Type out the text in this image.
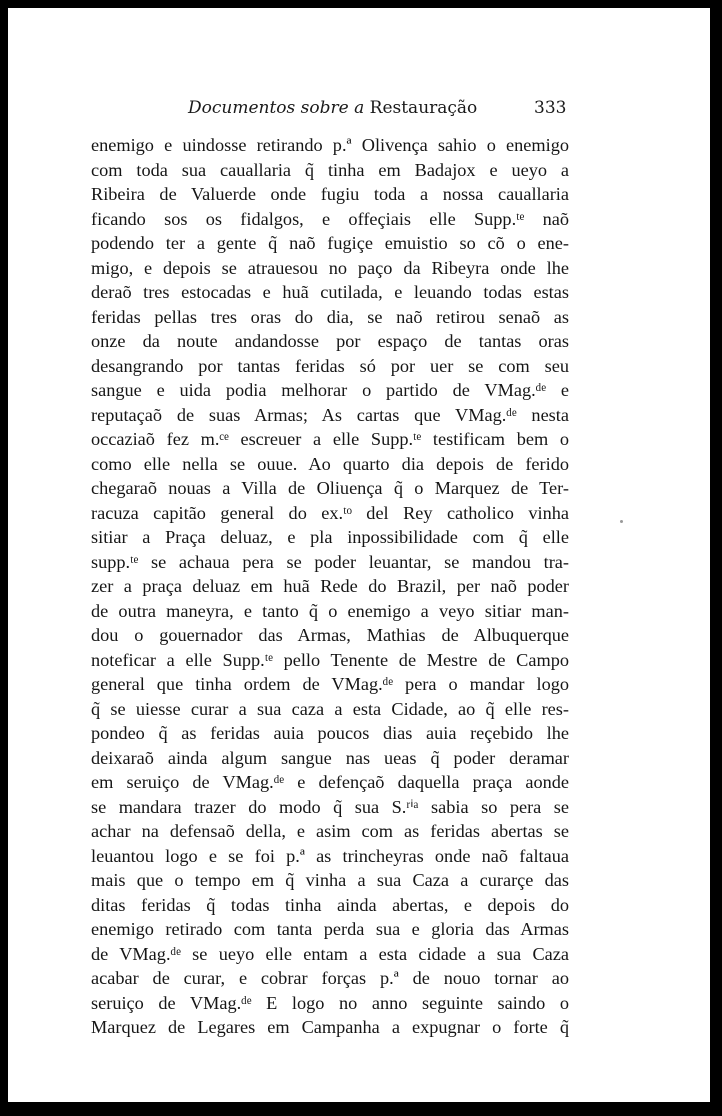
Documentos sobre a Restauração	333
enemigo e uindosse retirando p.ª Olivença sahio o enemigo
com toda sua cauallaria q̃ tinha em Badajox e ueyo a
Ribeira de Valuerde onde fugiu toda a nossa cauallaria
ficando sos os fidalgos, e offeçiais elle Supp.ᵗᵉ naõ
podendo ter a gente q̃ naõ fugiçe emuistio so cõ o ene-
migo, e depois se atrauesou no paço da Ribeyra onde lhe
deraõ tres estocadas e huã cutilada, e leuando todas estas
feridas pellas tres oras do dia, se naõ retirou senaõ as
onze da noute andandosse por espaço de tantas oras
desangrando por tantas feridas só por uer se com seu
sangue e uida podia melhorar o partido de VMag.ᵈᵉ e
reputaçaõ de suas Armas; As cartas que VMag.ᵈᵉ nesta
occaziaõ fez m.ᶜᵉ escreuer a elle Supp.ᵗᵉ testificam bem o
como elle nella se ouue. Ao quarto dia depois de ferido
chegaraõ nouas a Villa de Oliuença q̃ o Marquez de Ter-
racuza capitão general do ex.ᵗᵒ del Rey catholico vinha
sitiar a Praça deluaz, e pla inpossibilidade com q̃ elle
supp.ᵗᵉ se achaua pera se poder leuantar, se mandou tra-
zer a praça deluaz em huã Rede do Brazil, per naõ poder
de outra maneyra, e tanto q̃ o enemigo a veyo sitiar man-
dou o gouernador das Armas, Mathias de Albuquerque
noteficar a elle Supp.ᵗᵉ pello Tenente de Mestre de Campo
general que tinha ordem de VMag.ᵈᵉ pera o mandar logo
q̃ se uiesse curar a sua caza a esta Cidade, ao q̃ elle res-
pondeo q̃ as feridas auia poucos dias auia reçebido lhe
deixaraõ ainda algum sangue nas ueas q̃ poder deramar
em seruiço de VMag.ᵈᵉ e defençaõ daquella praça aonde
se mandara trazer do modo q̃ sua S.ʳⁱᵃ sabia so pera se
achar na defensaõ della, e asim com as feridas abertas se
leuantou logo e se foi p.ª as trincheyras onde naõ faltaua
mais que o tempo em q̃ vinha a sua Caza a curarçe das
ditas feridas q̃ todas tinha ainda abertas, e depois do
enemigo retirado com tanta perda sua e gloria das Armas
de VMag.ᵈᵉ se ueyo elle entam a esta cidade a sua Caza
acabar de curar, e cobrar forças p.ª de nouo tornar ao
seruiço de VMag.ᵈᵉ E logo no anno seguinte saindo o
Marquez de Legares em Campanha a expugnar o forte q̃
